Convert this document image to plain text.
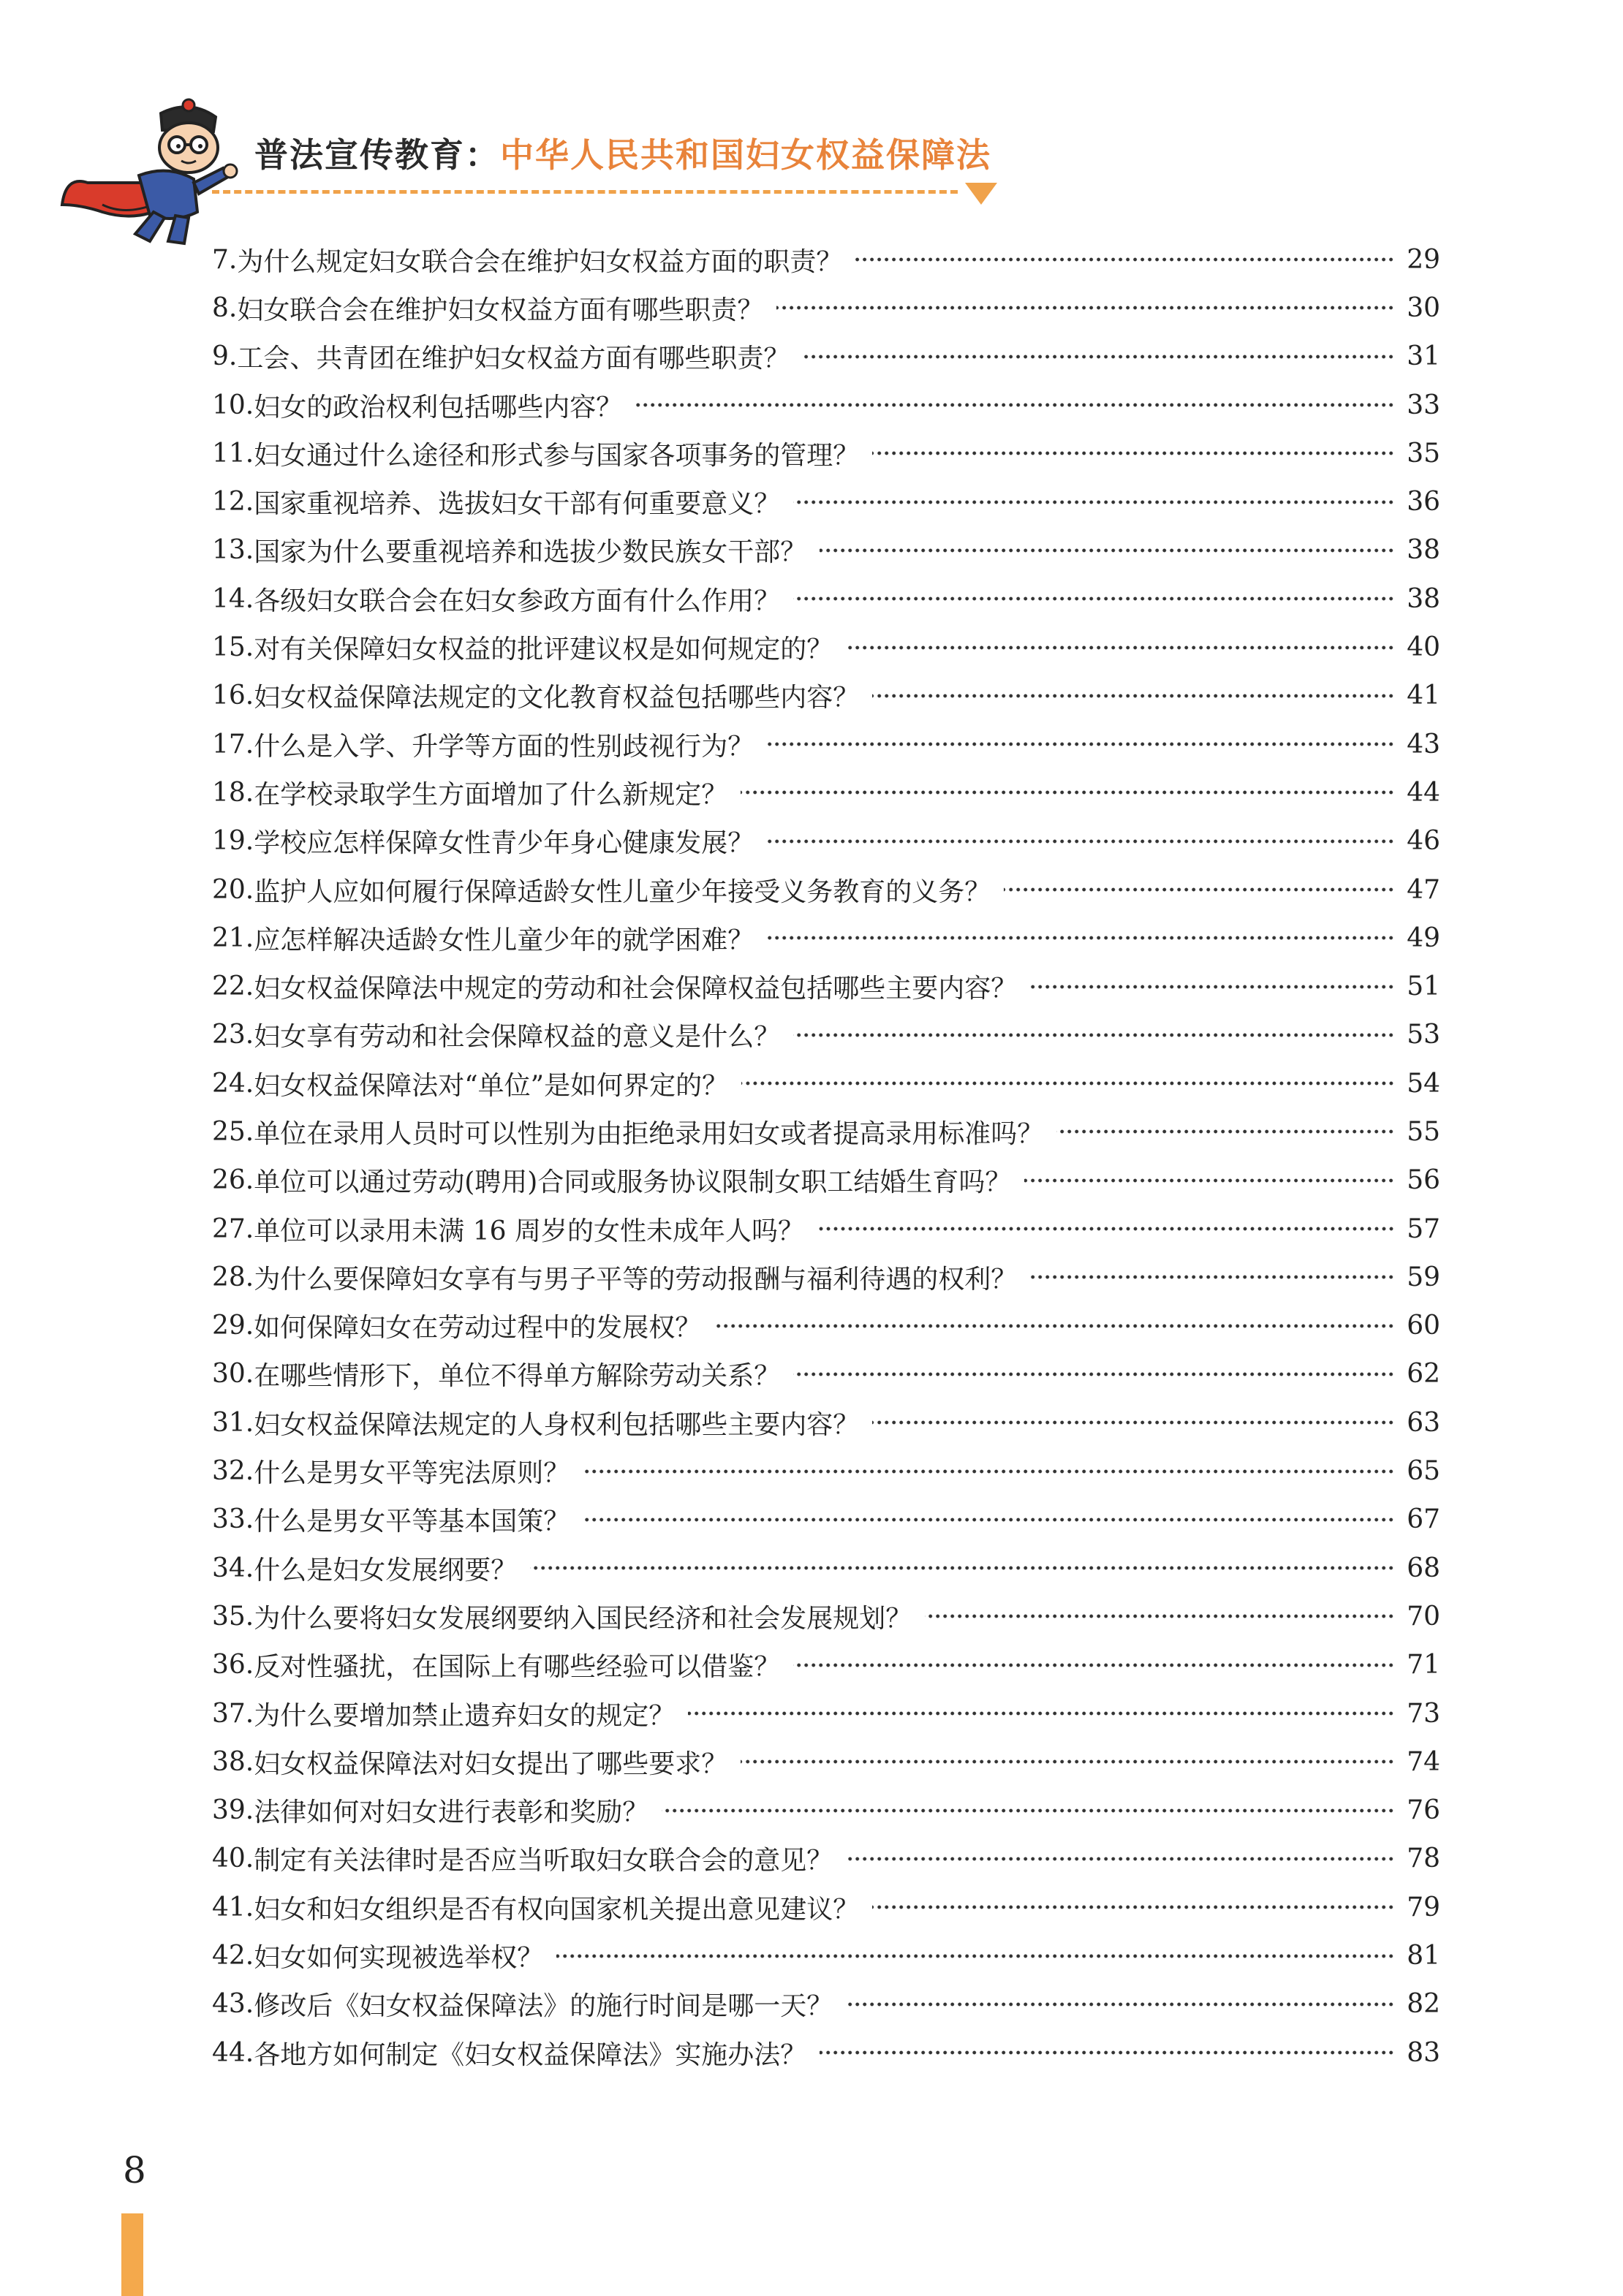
普法宣传教育：中华人民共和国妇女权益保障法
7. 为什么规定妇女联合会在维护妇女权益方面的职责？	29
8. 妇女联合会在维护妇女权益方面有哪些职责？	30
9. 工会、共青团在维护妇女权益方面有哪些职责？	31
10. 妇女的政治权利包括哪些内容？	33
11. 妇女通过什么途径和形式参与国家各项事务的管理？	35
12. 国家重视培养、选拔妇女干部有何重要意义？	36
13. 国家为什么要重视培养和选拔少数民族女干部？	38
14. 各级妇女联合会在妇女参政方面有什么作用？	38
15. 对有关保障妇女权益的批评建议权是如何规定的？	40
16. 妇女权益保障法规定的文化教育权益包括哪些内容？	41
17. 什么是入学、升学等方面的性别歧视行为？	43
18. 在学校录取学生方面增加了什么新规定？	44
19. 学校应怎样保障女性青少年身心健康发展？	46
20. 监护人应如何履行保障适龄女性儿童少年接受义务教育的义务？	47
21. 应怎样解决适龄女性儿童少年的就学困难？	49
22. 妇女权益保障法中规定的劳动和社会保障权益包括哪些主要内容？	51
23. 妇女享有劳动和社会保障权益的意义是什么？	53
24. 妇女权益保障法对“单位”是如何界定的？	54
25. 单位在录用人员时可以性别为由拒绝录用妇女或者提高录用标准吗？	55
26. 单位可以通过劳动(聘用)合同或服务协议限制女职工结婚生育吗？	56
27. 单位可以录用未满 16 周岁的女性未成年人吗？	57
28. 为什么要保障妇女享有与男子平等的劳动报酬与福利待遇的权利？	59
29. 如何保障妇女在劳动过程中的发展权？	60
30. 在哪些情形下，单位不得单方解除劳动关系？	62
31. 妇女权益保障法规定的人身权利包括哪些主要内容？	63
32. 什么是男女平等宪法原则？	65
33. 什么是男女平等基本国策？	67
34. 什么是妇女发展纲要？	68
35. 为什么要将妇女发展纲要纳入国民经济和社会发展规划？	70
36. 反对性骚扰，在国际上有哪些经验可以借鉴？	71
37. 为什么要增加禁止遗弃妇女的规定？	73
38. 妇女权益保障法对妇女提出了哪些要求？	74
39. 法律如何对妇女进行表彰和奖励？	76
40. 制定有关法律时是否应当听取妇女联合会的意见？	78
41. 妇女和妇女组织是否有权向国家机关提出意见建议？	79
42. 妇女如何实现被选举权？	81
43. 修改后《妇女权益保障法》的施行时间是哪一天？	82
44. 各地方如何制定《妇女权益保障法》实施办法？	83
8
